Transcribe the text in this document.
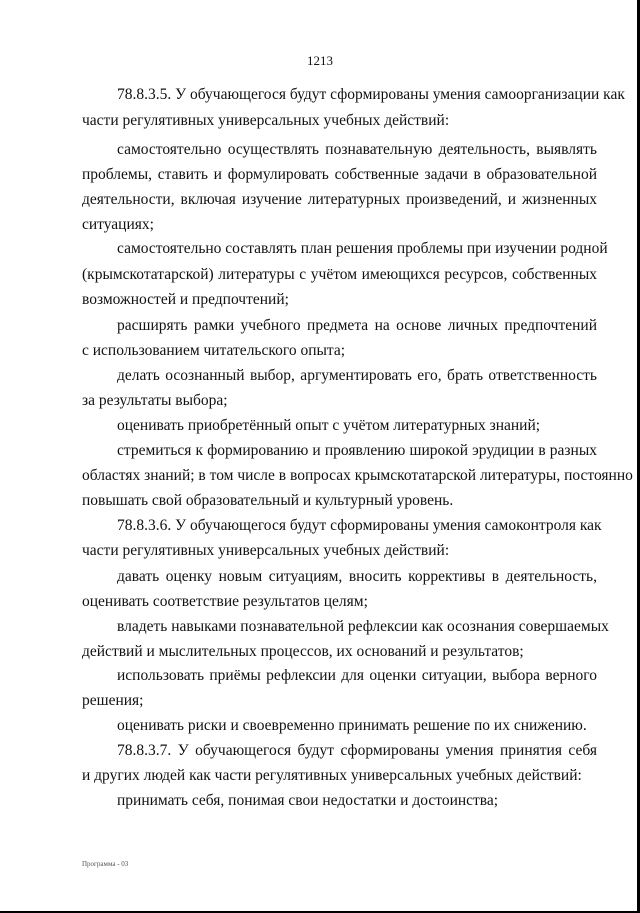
1213
78.8.3.5. У обучающегося будут сформированы умения самоорганизации как
части регулятивных универсальных учебных действий:
самостоятельно осуществлять познавательную деятельность, выявлять
проблемы, ставить и формулировать собственные задачи в образовательной
деятельности, включая изучение литературных произведений, и жизненных
ситуациях;
самостоятельно составлять план решения проблемы при изучении родной
(крымскотатарской) литературы с учётом имеющихся ресурсов, собственных
возможностей и предпочтений;
расширять рамки учебного предмета на основе личных предпочтений
с использованием читательского опыта;
делать осознанный выбор, аргументировать его, брать ответственность
за результаты выбора;
оценивать приобретённый опыт с учётом литературных знаний;
стремиться к формированию и проявлению широкой эрудиции в разных
областях знаний; в том числе в вопросах крымскотатарской литературы, постоянно
повышать свой образовательный и культурный уровень.
78.8.3.6. У обучающегося будут сформированы умения самоконтроля как
части регулятивных универсальных учебных действий:
давать оценку новым ситуациям, вносить коррективы в деятельность,
оценивать соответствие результатов целям;
владеть навыками познавательной рефлексии как осознания совершаемых
действий и мыслительных процессов, их оснований и результатов;
использовать приёмы рефлексии для оценки ситуации, выбора верного
решения;
оценивать риски и своевременно принимать решение по их снижению.
78.8.3.7. У обучающегося будут сформированы умения принятия себя
и других людей как части регулятивных универсальных учебных действий:
принимать себя, понимая свои недостатки и достоинства;
Программа - 03
